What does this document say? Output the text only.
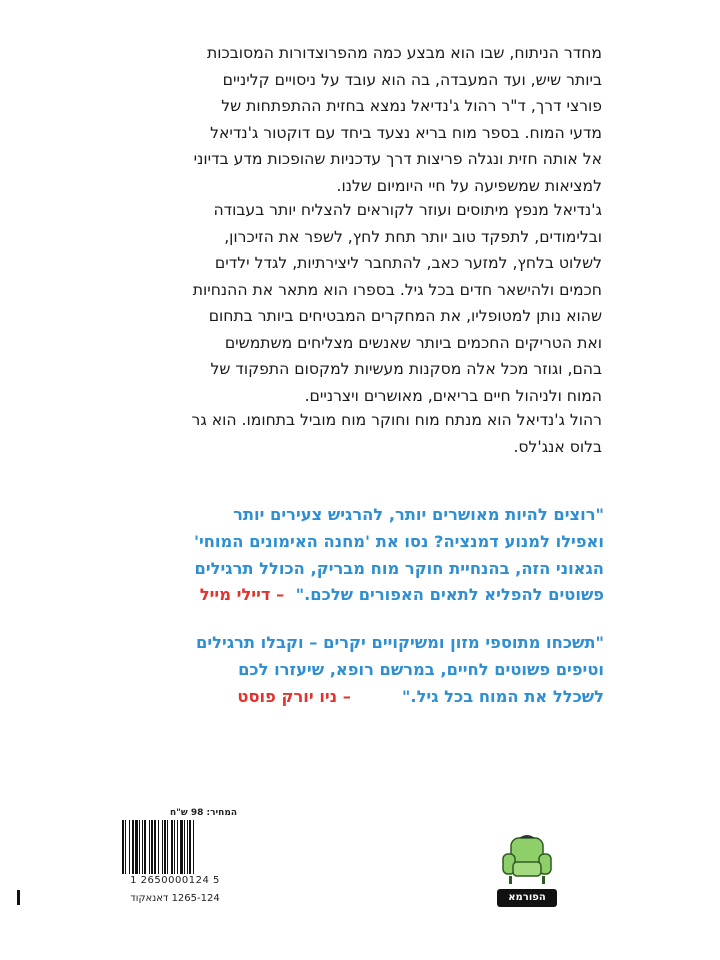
מחדר הניתוח, שבו הוא מבצע כמה מהפרוצדורות המסובכות
ביותר שיש, ועד המעבדה, בה הוא עובד על ניסויים קליניים
פורצי דרך, ד"ר רהול ג'נדיאל נמצא בחזית ההתפתחות של
מדעי המוח. בספר מוח בריא נצעד ביחד עם דוקטור ג'נדיאל
אל אותה חזית ונגלה פריצות דרך עדכניות שהופכות מדע בדיוני
למציאות שמשפיעה על חיי היומיום שלנו.

ג'נדיאל מנפץ מיתוסים ועוזר לקוראים להצליח יותר בעבודה
ובלימודים, לתפקד טוב יותר תחת לחץ, לשפר את הזיכרון,
לשלוט בלחץ, למזער כאב, להתחבר ליצירתיות, לגדל ילדים
חכמים ולהישאר חדים בכל גיל. בספרו הוא מתאר את ההנחיות
שהוא נותן למטופליו, את המחקרים המבטיחים ביותר בתחום
ואת הטריקים החכמים ביותר שאנשים מצליחים משתמשים
בהם, וגוזר מכל אלה מסקנות מעשיות למקסום התפקוד של
המוח ולניהול חיים בריאים, מאושרים ויצרניים.

רהול ג'נדיאל הוא מנתח מוח וחוקר מוח מוביל בתחומו. הוא גר
בלוס אנג'לס.

"רוצים להיות מאושרים יותר, להרגיש צעירים יותר
ואפילו למנוע דמנציה? נסו את 'מחנה האימונים המוחי'
הגאוני הזה, בהנחיית חוקר מוח מבריק, הכולל תרגילים
פשוטים להפליא לתאים האפורים שלכם."  – דיילי מייל

"תשכחו מתוספי מזון ומשיקויים יקרים – וקבלו תרגילים
וטיפים פשוטים לחיים, במרשם רופא, שיעזרו לכם
לשכלל את המוח בכל גיל."         – ניו יורק פוסט

המחיר: 98 ש"ח
1 2650000124 5
1265-124 דאנאקוד	הפורמא
